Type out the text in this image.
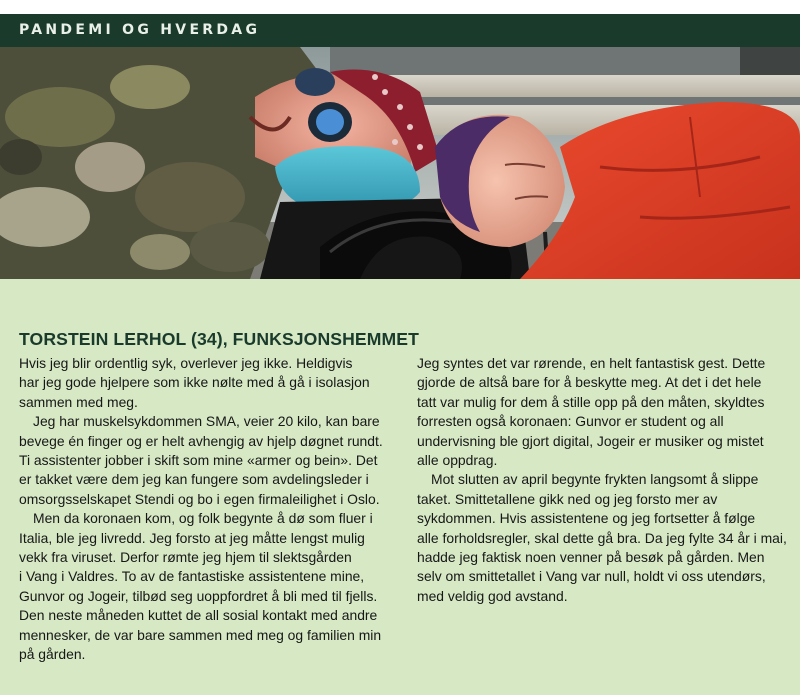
PANDEMI OG HVERDAG
TORSTEIN LERHOL (34), FUNKSJONSHEMMET
Hvis jeg blir ordentlig syk, overlever jeg ikke. Heldigvis
har jeg gode hjelpere som ikke nølte med å gå i isolasjon
sammen med meg.
Jeg har muskelsykdommen SMA, veier 20 kilo, kan bare
bevege én finger og er helt avhengig av hjelp døgnet rundt.
Ti assistenter jobber i skift som mine «armer og bein». Det
er takket være dem jeg kan fungere som avdelingsleder i
omsorgsselskapet Stendi og bo i egen firmaleilighet i Oslo.
Men da koronaen kom, og folk begynte å dø som fluer i
Italia, ble jeg livredd. Jeg forsto at jeg måtte lengst mulig
vekk fra viruset. Derfor rømte jeg hjem til slektsgården
i Vang i Valdres. To av de fantastiske assistentene mine,
Gunvor og Jogeir, tilbød seg uoppfordret å bli med til fjells.
Den neste måneden kuttet de all sosial kontakt med andre
mennesker, de var bare sammen med meg og familien min
på gården.
Jeg syntes det var rørende, en helt fantastisk gest. Dette
gjorde de altså bare for å beskytte meg. At det i det hele
tatt var mulig for dem å stille opp på den måten, skyldtes
forresten også koronaen: Gunvor er student og all
undervisning ble gjort digital, Jogeir er musiker og mistet
alle oppdrag.
Mot slutten av april begynte frykten langsomt å slippe
taket. Smittetallene gikk ned og jeg forsto mer av
sykdommen. Hvis assistentene og jeg fortsetter å følge
alle forholdsregler, skal dette gå bra. Da jeg fylte 34 år i mai,
hadde jeg faktisk noen venner på besøk på gården. Men
selv om smittetallet i Vang var null, holdt vi oss utendørs,
med veldig god avstand.
